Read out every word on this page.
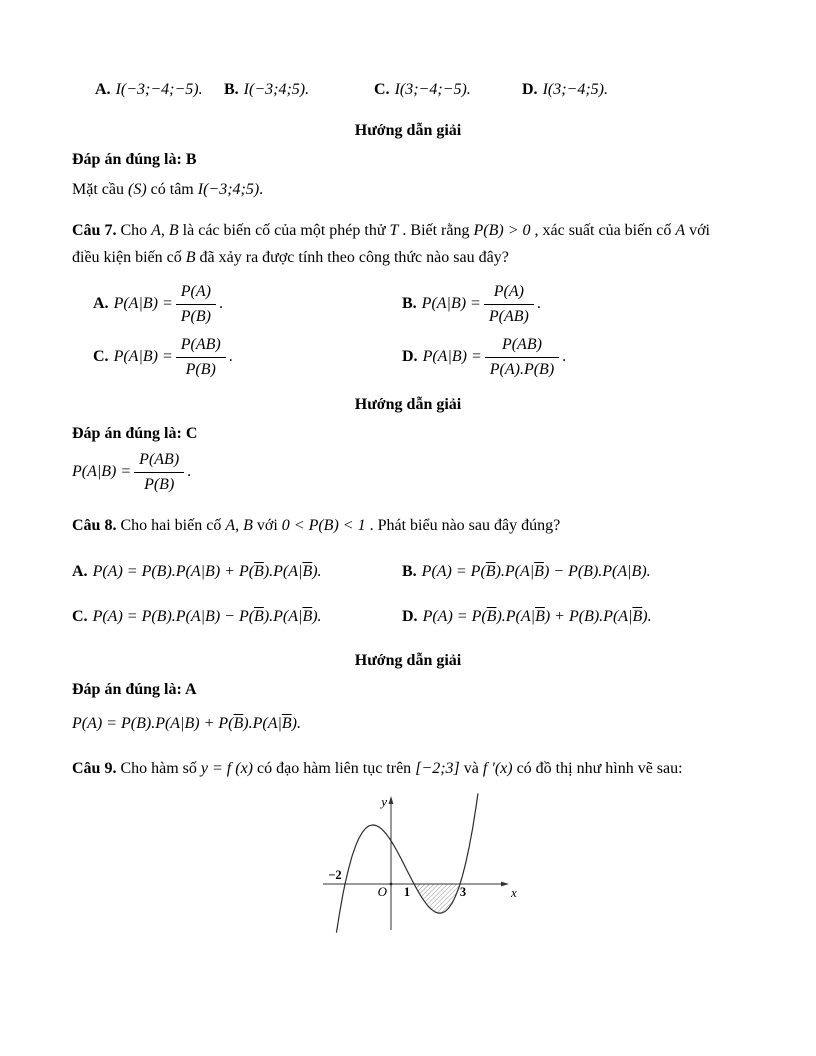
A. I(−3;−4;−5).	B. I(−3;4;5).	C. I(3;−4;−5).	D. I(3;−4;5).
Hướng dẫn giải
Đáp án đúng là: B
Mặt cầu (S) có tâm I(−3;4;5).
Câu 7. Cho A, B là các biến cố của một phép thử T . Biết rằng P(B) > 0 , xác suất của biến cố A với
điều kiện biến cố B đã xảy ra được tính theo công thức nào sau đây?
A. $P(A|B) = \frac{P(A)}{P(B)}$ .	B. $P(A|B) = \frac{P(A)}{P(AB)}$ .
C. $P(A|B) = \frac{P(AB)}{P(B)}$ .	D. $P(A|B) = \frac{P(AB)}{P(A).P(B)}$ .
Hướng dẫn giải
Đáp án đúng là: C
$P(A|B) = \frac{P(AB)}{P(B)}$ .
Câu 8. Cho hai biến cố A, B với 0 < P(B) < 1 . Phát biểu nào sau đây đúng?
A. $P(A) = P(B).P(A|B) + P(\overline{B}).P(A|\overline{B})$.	B. $P(A) = P(\overline{B}).P(A|\overline{B}) - P(B).P(A|B)$.
C. $P(A) = P(B).P(A|B) - P(\overline{B}).P(A|\overline{B})$.	D. $P(A) = P(\overline{B}).P(A|\overline{B}) + P(B).P(A|\overline{B})$.
Hướng dẫn giải
Đáp án đúng là: A
$P(A) = P(B).P(A|B) + P(\overline{B}).P(A|\overline{B})$.
Câu 9. Cho hàm số y = f (x) có đạo hàm liên tục trên [−2;3] và f ′(x) có đồ thị như hình vẽ sau:
y
x
O
−2
1	3
